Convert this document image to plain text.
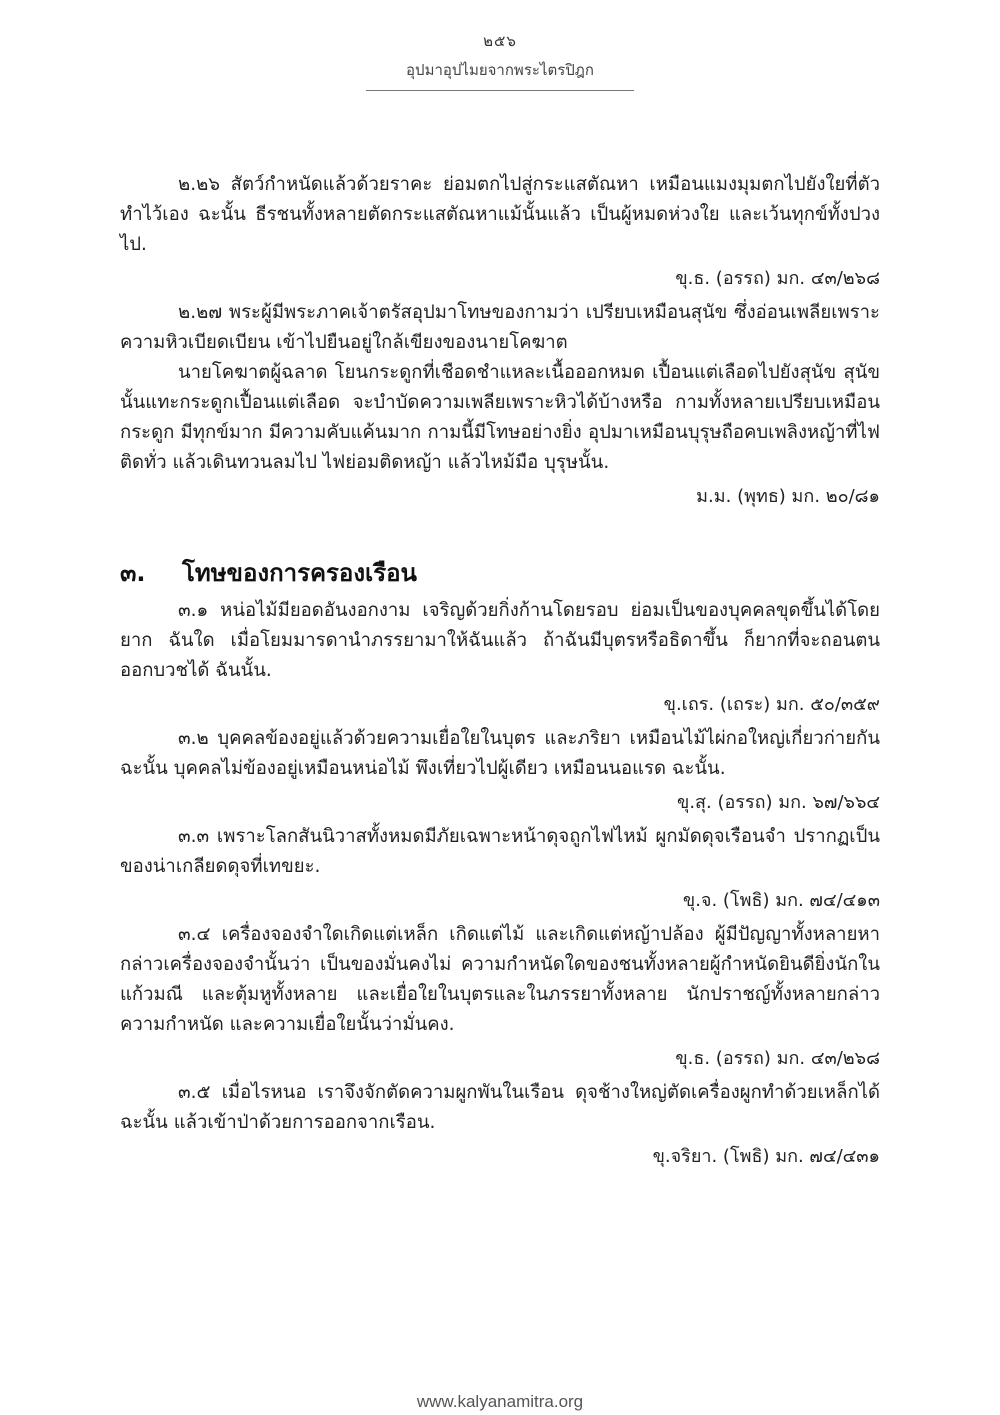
๒๕๖
อุปมาอุปไมยจากพระไตรปิฎก

๒.๒๖ สัตว์กำหนัดแล้วด้วยราคะ ย่อมตกไปสู่กระแสตัณหา เหมือนแมงมุมตกไปยังใยที่ตัวทำไว้เอง ฉะนั้น ธีรชนทั้งหลายตัดกระแสตัณหาแม้นั้นแล้ว เป็นผู้หมดห่วงใย และเว้นทุกข์ทั้งปวงไป.

ขุ.ธ. (อรรถ) มก. ๔๓/๒๖๘

๒.๒๗ พระผู้มีพระภาคเจ้าตรัสอุปมาโทษของกามว่า เปรียบเหมือนสุนัข ซึ่งอ่อนเพลียเพราะความหิวเบียดเบียน เข้าไปยืนอยู่ใกล้เขียงของนายโคฆาต

นายโคฆาตผู้ฉลาด โยนกระดูกที่เชือดชำแหละเนื้อออกหมด เปื้อนแต่เลือดไปยังสุนัข สุนัขนั้นแทะกระดูกเปื้อนแต่เลือด จะบำบัดความเพลียเพราะหิวได้บ้างหรือ กามทั้งหลายเปรียบเหมือนกระดูก มีทุกข์มาก มีความคับแค้นมาก กามนี้มีโทษอย่างยิ่ง อุปมาเหมือนบุรุษถือคบเพลิงหญ้าที่ไฟติดทั่ว แล้วเดินทวนลมไป ไฟย่อมติดหญ้า แล้วไหม้มือ บุรุษนั้น.

ม.ม. (พุทธ) มก. ๒๐/๘๑
๓.	โทษของการครองเรือน

๓.๑ หน่อไม้มียอดอันงอกงาม เจริญด้วยกิ่งก้านโดยรอบ ย่อมเป็นของบุคคลขุดขึ้นได้โดยยาก ฉันใด เมื่อโยมมารดานำภรรยามาให้ฉันแล้ว ถ้าฉันมีบุตรหรือธิดาขึ้น ก็ยากที่จะถอนตนออกบวชได้ ฉันนั้น.

ขุ.เถร. (เถระ) มก. ๕๐/๓๕๙

๓.๒ บุคคลข้องอยู่แล้วด้วยความเยื่อใยในบุตร และภริยา เหมือนไม้ไผ่กอใหญ่เกี่ยวก่ายกัน ฉะนั้น บุคคลไม่ข้องอยู่เหมือนหน่อไม้ พึงเที่ยวไปผู้เดียว เหมือนนอแรด ฉะนั้น.

ขุ.สุ. (อรรถ) มก. ๖๗/๖๖๔

๓.๓ เพราะโลกสันนิวาสทั้งหมดมีภัยเฉพาะหน้าดุจถูกไฟไหม้ ผูกมัดดุจเรือนจำ ปรากฏเป็นของน่าเกลียดดุจที่เทขยะ.

ขุ.จ. (โพธิ) มก. ๗๔/๔๑๓

๓.๔ เครื่องจองจำใดเกิดแต่เหล็ก เกิดแต่ไม้ และเกิดแต่หญ้าปล้อง ผู้มีปัญญาทั้งหลายหากล่าวเครื่องจองจำนั้นว่า เป็นของมั่นคงไม่ ความกำหนัดใดของชนทั้งหลายผู้กำหนัดยินดียิ่งนักในแก้วมณี และตุ้มหูทั้งหลาย และเยื่อใยในบุตรและในภรรยาทั้งหลาย นักปราชญ์ทั้งหลายกล่าวความกำหนัด และความเยื่อใยนั้นว่ามั่นคง.

ขุ.ธ. (อรรถ) มก. ๔๓/๒๖๘

๓.๕ เมื่อไรหนอ เราจึงจักตัดความผูกพันในเรือน ดุจช้างใหญ่ตัดเครื่องผูกทำด้วยเหล็กได้ ฉะนั้น แล้วเข้าป่าด้วยการออกจากเรือน.

ขุ.จริยา. (โพธิ) มก. ๗๔/๔๓๑
www.kalyanamitra.org
